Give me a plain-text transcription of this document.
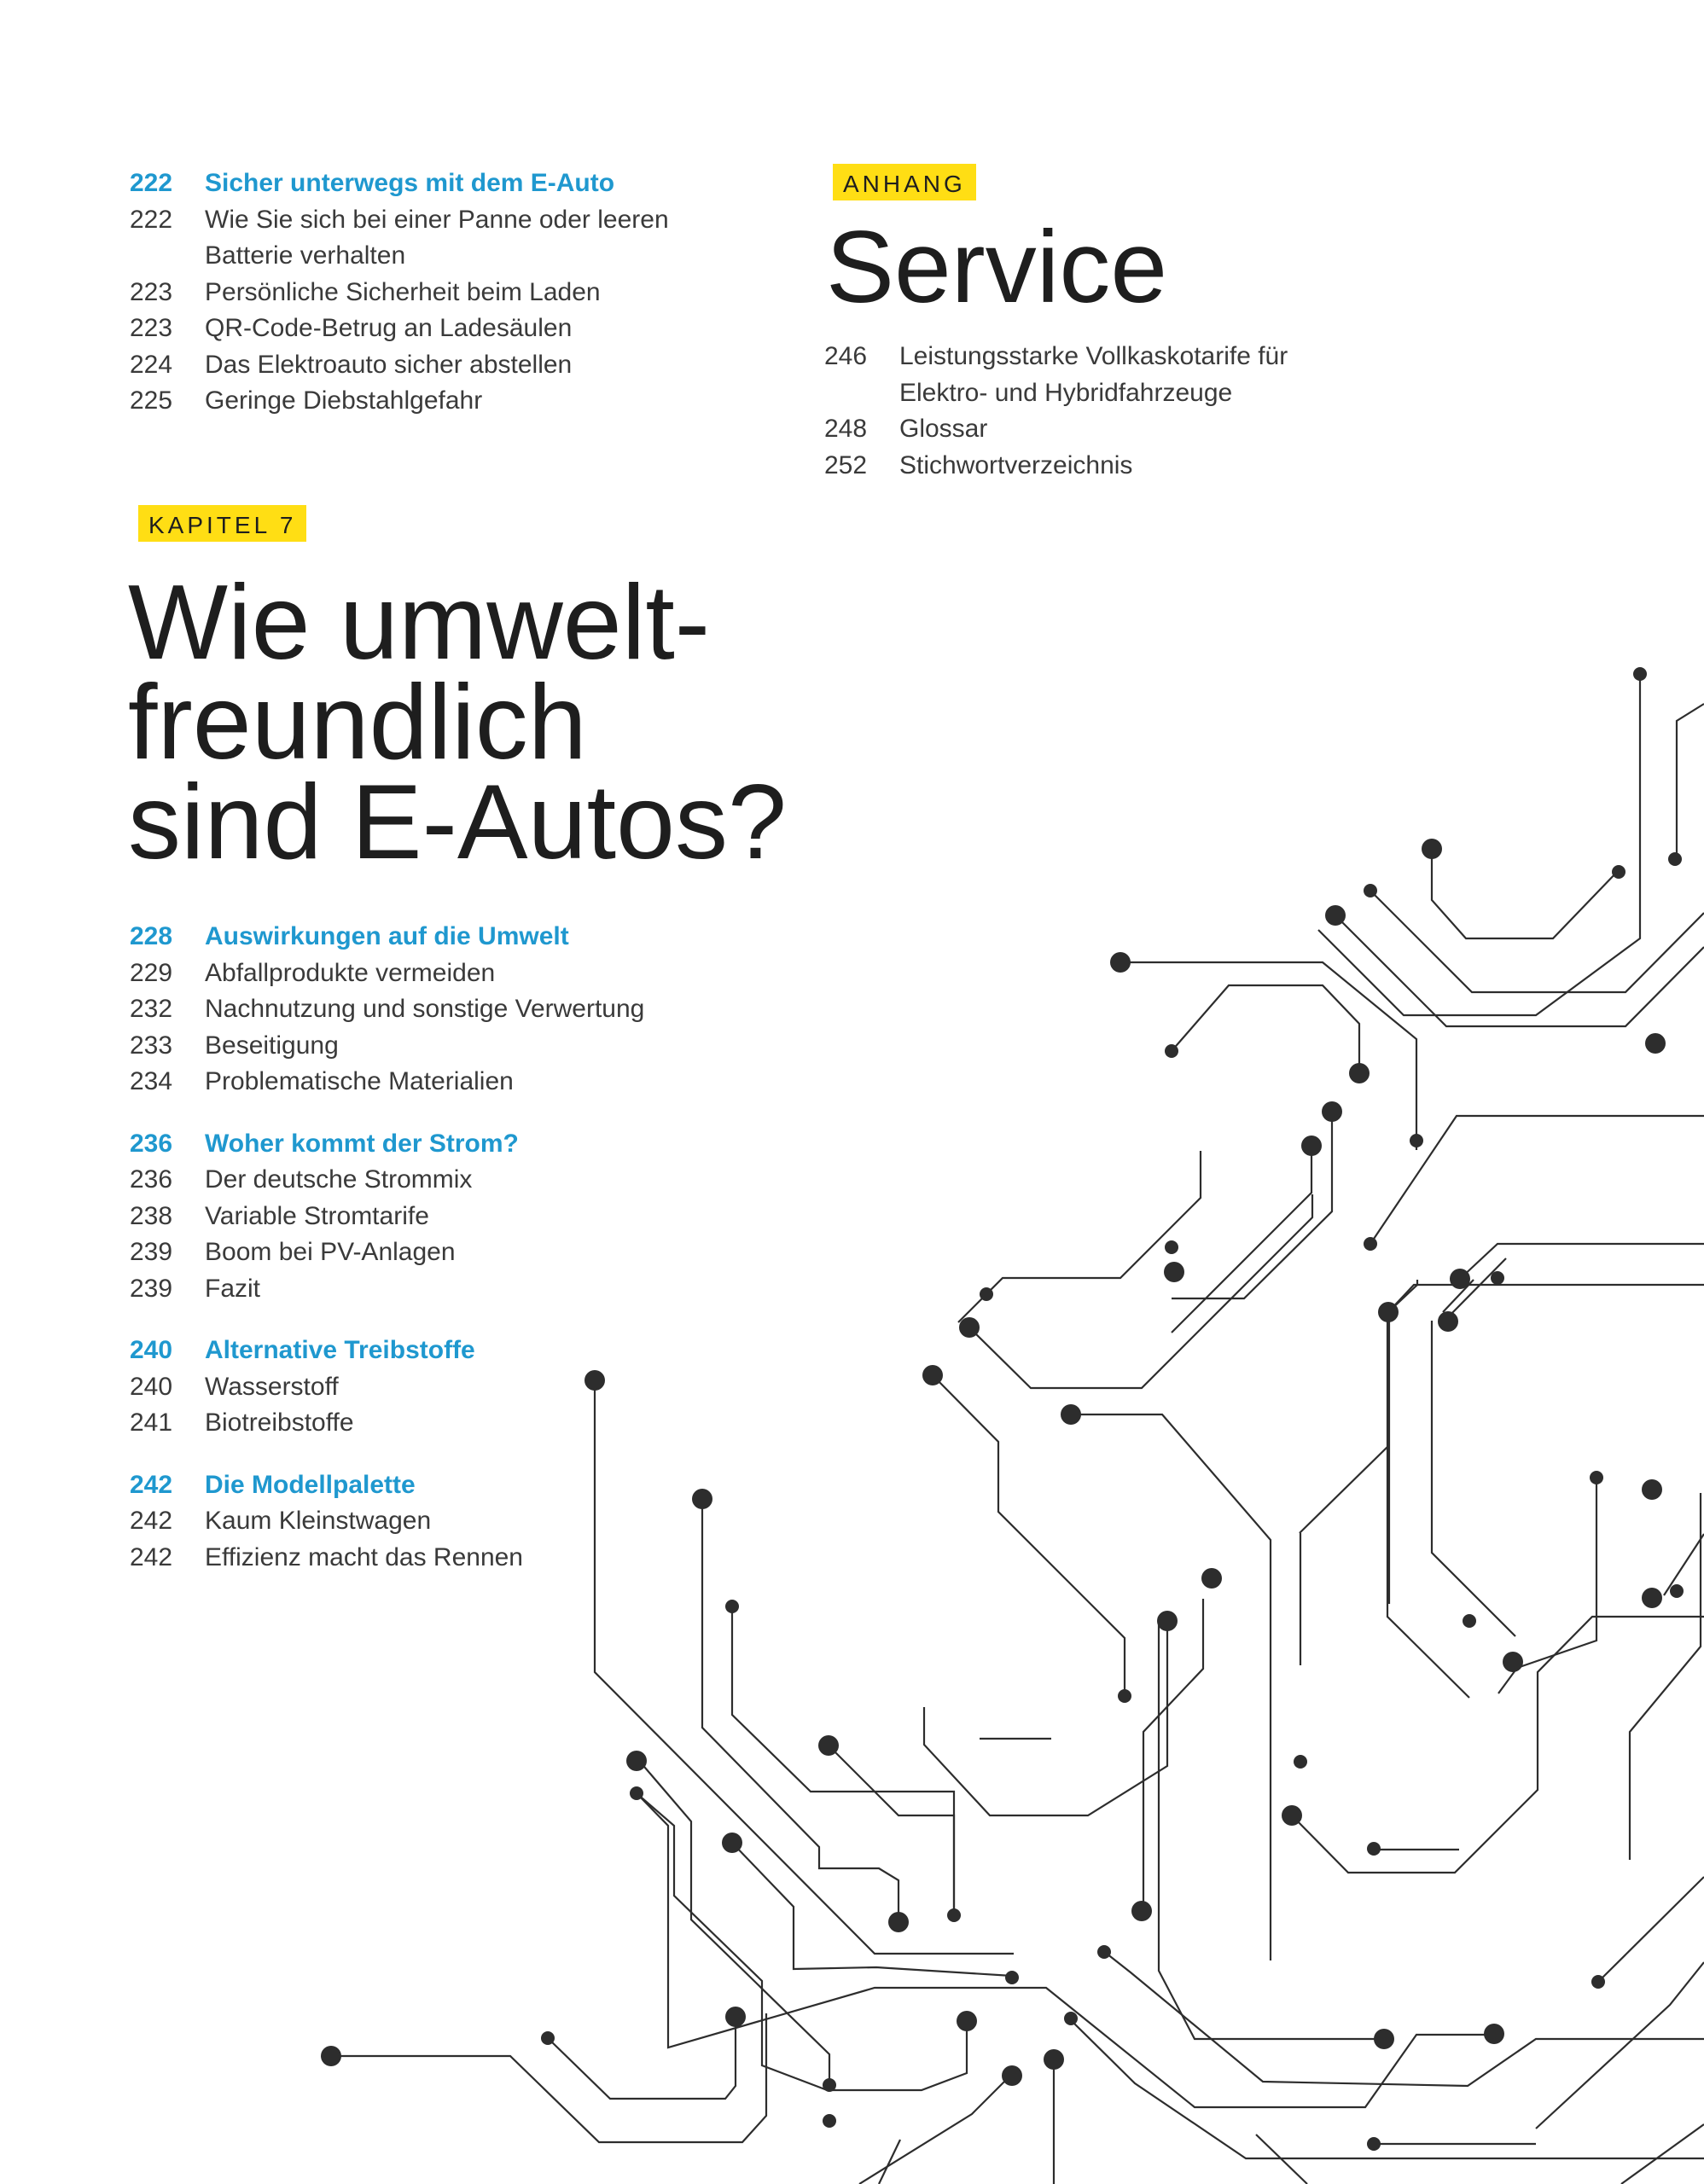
222	Sicher unterwegs mit dem E-Auto
222	Wie Sie sich bei einer Panne oder leeren Batterie verhalten
223	Persönliche Sicherheit beim Laden
223	QR-Code-Betrug an Ladesäulen
224	Das Elektroauto sicher abstellen
225	Geringe Diebstahlgefahr
KAPITEL 7
Wie umwelt-
freundlich
sind E-Autos?
228	Auswirkungen auf die Umwelt
229	Abfallprodukte vermeiden
232	Nachnutzung und sonstige Verwertung
233	Beseitigung
234	Problematische Materialien
236	Woher kommt der Strom?
236	Der deutsche Strommix
238	Variable Stromtarife
239	Boom bei PV-Anlagen
239	Fazit
240	Alternative Treibstoffe
240	Wasserstoff
241	Biotreibstoffe
242	Die Modellpalette
242	Kaum Kleinstwagen
242	Effizienz macht das Rennen
ANHANG
Service
246	Leistungsstarke Vollkaskotarife für Elektro- und Hybridfahrzeuge
248	Glossar
252	Stichwortverzeichnis
